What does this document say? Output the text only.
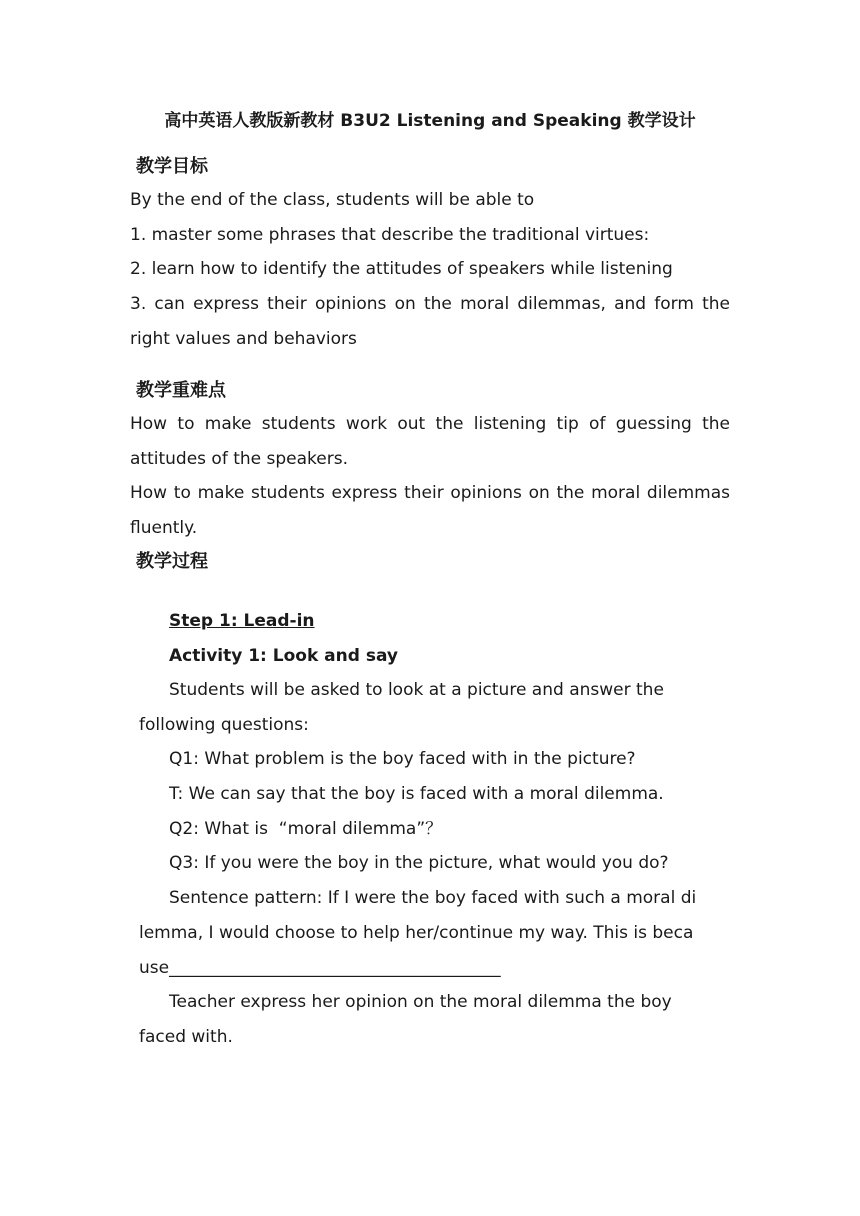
高中英语人教版新教材 B3U2 Listening and Speaking 教学设计
教学目标
By the end of the class, students will be able to
1. master some phrases that describe the traditional virtues:
2. learn how to identify the attitudes of speakers while listening
3. can express their opinions on the moral dilemmas, and form the right values and behaviors
教学重难点
How to make students work out the listening tip of guessing the attitudes of the speakers.
How to make students express their opinions on the moral dilemmas fluently.
教学过程
Step 1: Lead-in
Activity 1: Look and say
Students will be asked to look at a picture and answer the following questions:
Q1: What problem is the boy faced with in the picture?
T: We can say that the boy is faced with a moral dilemma.
Q2: What is  “moral dilemma”？
Q3: If you were the boy in the picture, what would you do?
Sentence pattern: If I were the boy faced with such a moral dilemma, I would choose to help her/continue my way. This is because_______________________________________
Teacher express her opinion on the moral dilemma the boy faced with.
